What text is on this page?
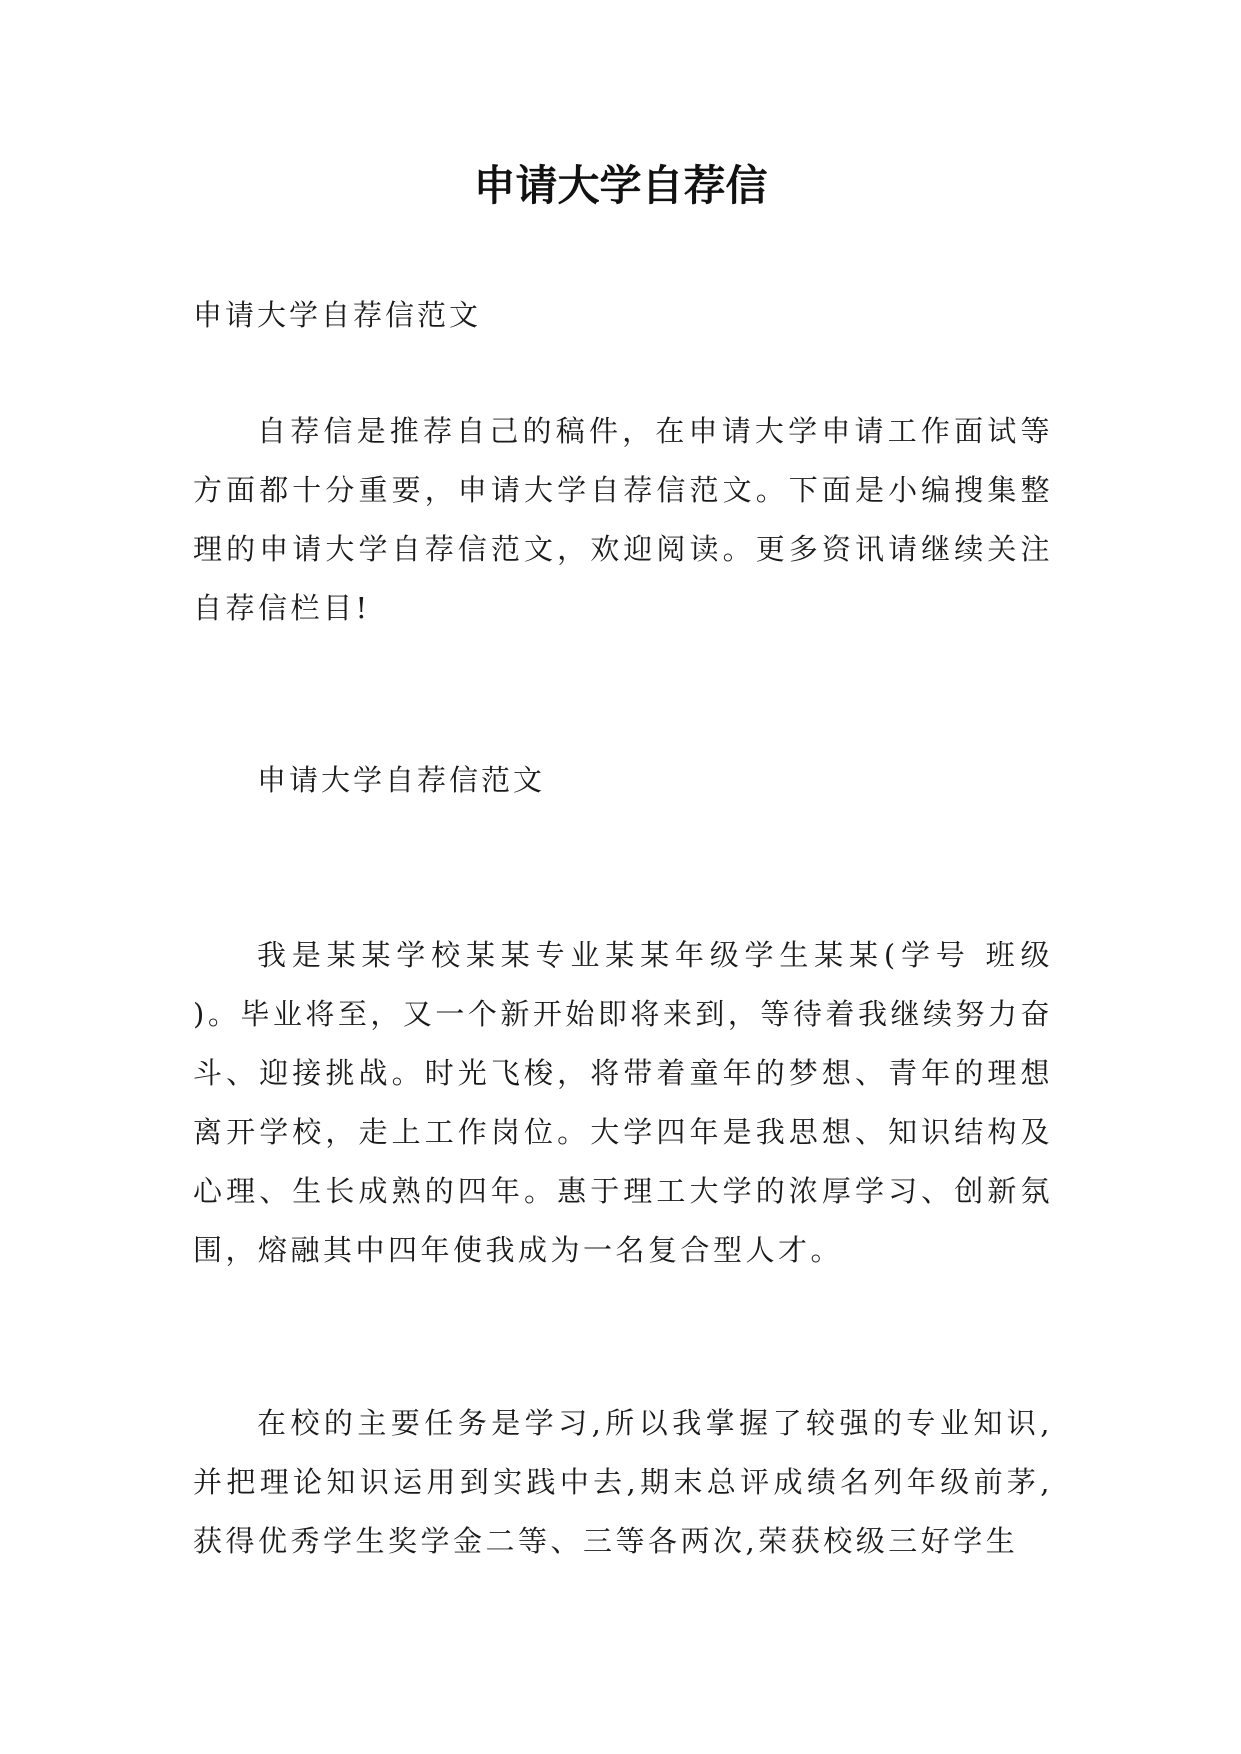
申请大学自荐信

申请大学自荐信范文

自荐信是推荐自己的稿件，在申请大学申请工作面试等方面都十分重要，申请大学自荐信范文。下面是小编搜集整理的申请大学自荐信范文，欢迎阅读。更多资讯请继续关注自荐信栏目!

申请大学自荐信范文

我是某某学校某某专业某某年级学生某某(学号 班级 )。毕业将至，又一个新开始即将来到，等待着我继续努力奋斗、迎接挑战。时光飞梭，将带着童年的梦想、青年的理想离开学校，走上工作岗位。大学四年是我思想、知识结构及心理、生长成熟的四年。惠于理工大学的浓厚学习、创新氛围，熔融其中四年使我成为一名复合型人才。

在校的主要任务是学习,所以我掌握了较强的专业知识,并把理论知识运用到实践中去,期末总评成绩名列年级前茅,获得优秀学生奖学金二等、三等各两次,荣获校级三好学生
